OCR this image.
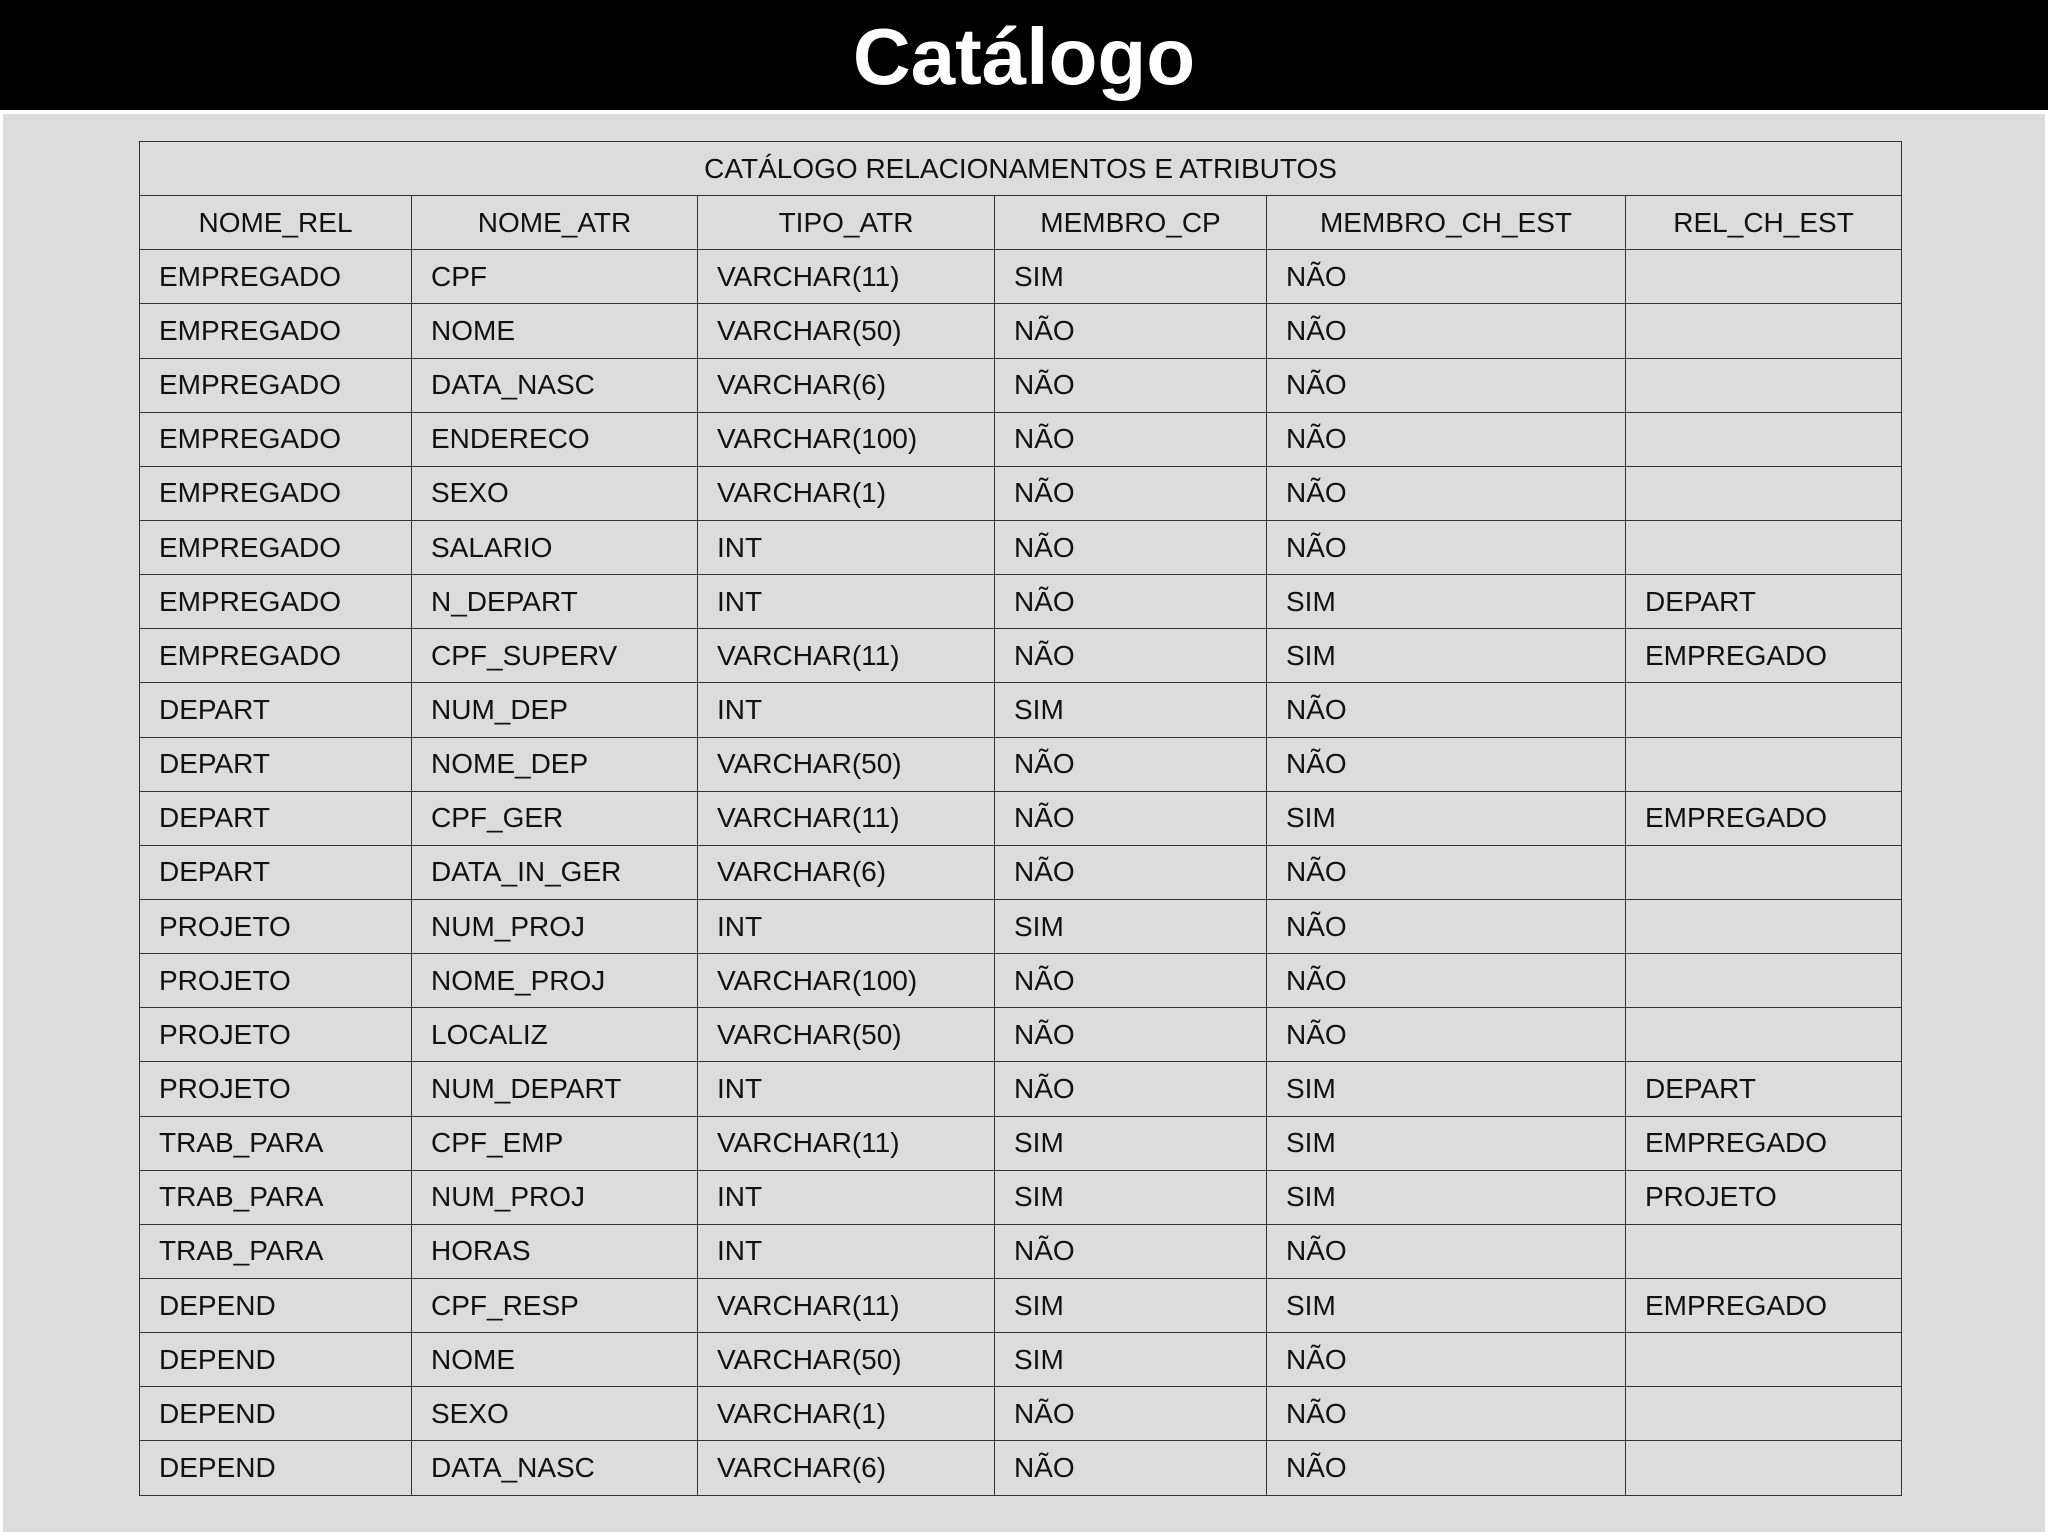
Catálogo
CATÁLOGO RELACIONAMENTOS E ATRIBUTOS					
NOME_REL	NOME_ATR	TIPO_ATR	MEMBRO_CP	MEMBRO_CH_EST	REL_CH_EST
EMPREGADO	CPF	VARCHAR(11)	SIM	NÃO	
EMPREGADO	NOME	VARCHAR(50)	NÃO	NÃO	
EMPREGADO	DATA_NASC	VARCHAR(6)	NÃO	NÃO	
EMPREGADO	ENDERECO	VARCHAR(100)	NÃO	NÃO	
EMPREGADO	SEXO	VARCHAR(1)	NÃO	NÃO	
EMPREGADO	SALARIO	INT	NÃO	NÃO	
EMPREGADO	N_DEPART	INT	NÃO	SIM	DEPART
EMPREGADO	CPF_SUPERV	VARCHAR(11)	NÃO	SIM	EMPREGADO
DEPART	NUM_DEP	INT	SIM	NÃO	
DEPART	NOME_DEP	VARCHAR(50)	NÃO	NÃO	
DEPART	CPF_GER	VARCHAR(11)	NÃO	SIM	EMPREGADO
DEPART	DATA_IN_GER	VARCHAR(6)	NÃO	NÃO	
PROJETO	NUM_PROJ	INT	SIM	NÃO	
PROJETO	NOME_PROJ	VARCHAR(100)	NÃO	NÃO	
PROJETO	LOCALIZ	VARCHAR(50)	NÃO	NÃO	
PROJETO	NUM_DEPART	INT	NÃO	SIM	DEPART
TRAB_PARA	CPF_EMP	VARCHAR(11)	SIM	SIM	EMPREGADO
TRAB_PARA	NUM_PROJ	INT	SIM	SIM	PROJETO
TRAB_PARA	HORAS	INT	NÃO	NÃO	
DEPEND	CPF_RESP	VARCHAR(11)	SIM	SIM	EMPREGADO
DEPEND	NOME	VARCHAR(50)	SIM	NÃO	
DEPEND	SEXO	VARCHAR(1)	NÃO	NÃO	
DEPEND	DATA_NASC	VARCHAR(6)	NÃO	NÃO	
